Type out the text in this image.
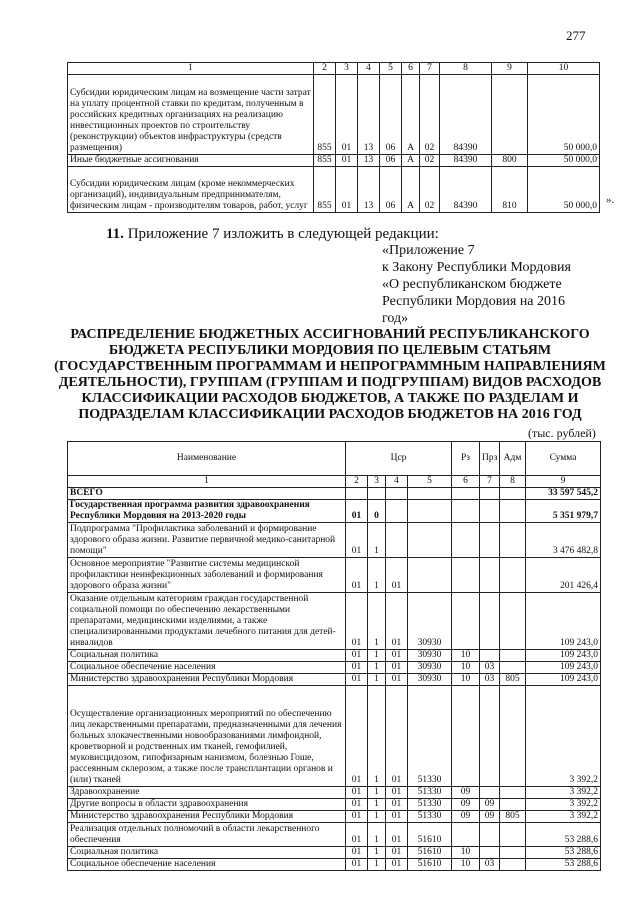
277
1	2	3	4	5	6	7	8	9	10
Субсидии юридическим лицам на возмещение части затрат на уплату процентной ставки по кредитам, полученным в российских кредитных организациях на реализацию инвестиционных проектов по строительству (реконструкции) объектов инфраструктуры (средств размещения)	855	01	13	06	А	02	84390		50 000,0
Иные бюджетные ассигнования	855	01	13	06	А	02	84390	800	50 000,0
Субсидии юридическим лицам (кроме некоммерческих организаций), индивидуальным предпринимателям, физическим лицам - производителям товаров, работ, услуг	855	01	13	06	А	02	84390	810	50 000,0 ».
11. Приложение 7 изложить в следующей редакции:
«Приложение 7
к Закону Республики Мордовия
«О республиканском бюджете
Республики Мордовия на 2016
год»
РАСПРЕДЕЛЕНИЕ БЮДЖЕТНЫХ АССИГНОВАНИЙ РЕСПУБЛИКАНСКОГО
БЮДЖЕТА РЕСПУБЛИКИ МОРДОВИЯ ПО ЦЕЛЕВЫМ СТАТЬЯМ
(ГОСУДАРСТВЕННЫМ ПРОГРАММАМ И НЕПРОГРАММНЫМ НАПРАВЛЕНИЯМ
ДЕЯТЕЛЬНОСТИ), ГРУППАМ (ГРУППАМ И ПОДГРУППАМ) ВИДОВ РАСХОДОВ
КЛАССИФИКАЦИИ РАСХОДОВ БЮДЖЕТОВ, А ТАКЖЕ ПО РАЗДЕЛАМ И
ПОДРАЗДЕЛАМ КЛАССИФИКАЦИИ РАСХОДОВ БЮДЖЕТОВ НА 2016 ГОД
(тыс. рублей)
Наименование	Цср				Рз	Прз	Адм	Сумма
1	2	3	4	5	6	7	8	9
ВСЕГО								33 597 545,2
Государственная программа развития здравоохранения Республики Мордовия на 2013-2020 годы	01	0						5 351 979,7
Подпрограмма "Профилактика заболеваний и формирование здорового образа жизни. Развитие первичной медико-санитарной помощи"	01	1						3 476 482,8
Основное мероприятие "Развитие системы медицинской профилактики неинфекционных заболеваний и формирования здорового образа жизни"	01	1	01					201 426,4
Оказание отдельным категориям граждан государственной социальной помощи по обеспечению лекарственными препаратами, медицинскими изделиями, а также специализированными продуктами лечебного питания для детей-инвалидов	01	1	01	30930				109 243,0
Социальная политика	01	1	01	30930	10			109 243,0
Социальное обеспечение населения	01	1	01	30930	10	03		109 243,0
Министерство здравоохранения Республики Мордовия	01	1	01	30930	10	03	805	109 243,0
Осуществление организационных мероприятий по обеспечению лиц лекарственными препаратами, предназначенными для лечения больных злокачественными новообразованиями лимфоидной, кроветворной и родственных им тканей, гемофилией, муковисцидозом, гипофизарным нанизмом, болезнью Гоше, рассеянным склерозом, а также после трансплантации органов и (или) тканей	01	1	01	51330				3 392,2
Здравоохранение	01	1	01	51330	09			3 392,2
Другие вопросы в области здравоохранения	01	1	01	51330	09	09		3 392,2
Министерство здравоохранения Республики Мордовия	01	1	01	51330	09	09	805	3 392,2
Реализация отдельных полномочий в области лекарственного обеспечения	01	1	01	51610				53 288,6
Социальная политика	01	1	01	51610	10			53 288,6
Социальное обеспечение населения	01	1	01	51610	10	03		53 288,6
